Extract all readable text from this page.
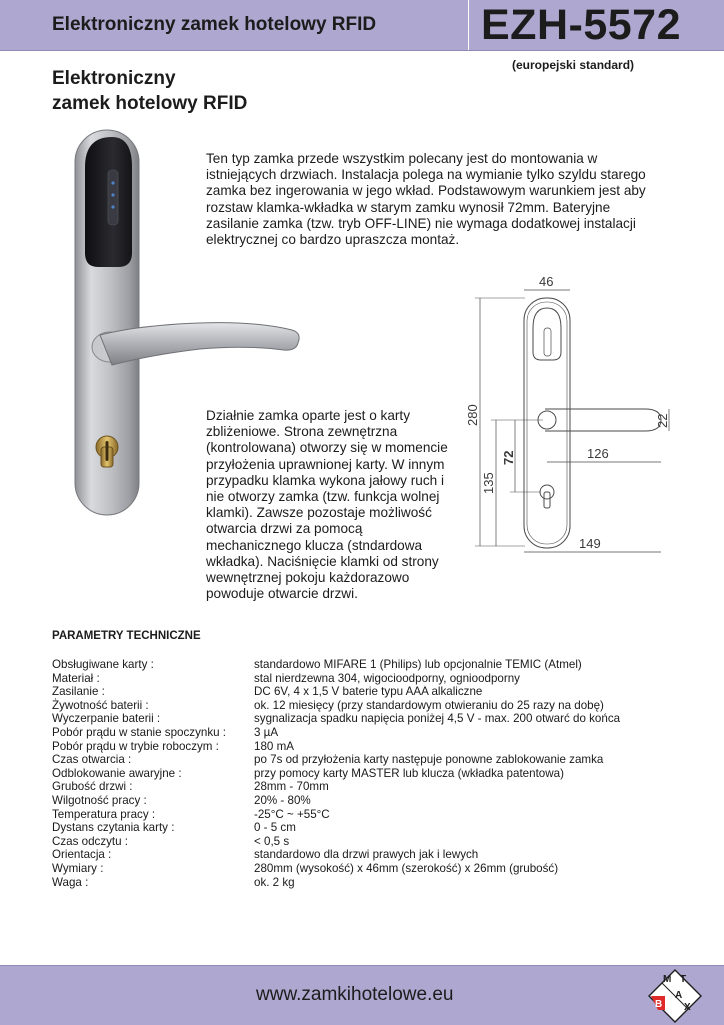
Elektroniczny zamek hotelowy RFID EZH-5572
(europejski standard)
Elektroniczny
zamek hotelowy RFID
Ten typ zamka przede wszystkim polecany jest do montowania w istniejących drzwiach. Instalacja polega na wymianie tylko szyldu starego zamka bez ingerowania w jego wkład. Podstawowym warunkiem jest aby rozstaw klamka-wkładka w starym zamku wynosił 72mm. Bateryjne zasilanie zamka (tzw. tryb OFF-LINE) nie wymaga dodatkowej instalacji elektrycznej co bardzo upraszcza montaż.
46
280
135
72	126
22
149
Działnie zamka oparte jest o karty zbliżeniowe. Strona zewnętrzna (kontrolowana) otworzy się w momencie przyłożenia uprawnionej karty. W innym przypadku klamka wykona jałowy ruch i nie otworzy zamka (tzw. funkcja wolnej klamki). Zawsze pozostaje możliwość otwarcia drzwi za pomocą mechanicznego klucza (stndardowa wkładka). Naciśnięcie klamki od strony wewnętrznej pokoju każdorazowo powoduje otwarcie drzwi.
PARAMETRY TECHNICZNE
Obsługiwane karty :	standardowo MIFARE 1 (Philips) lub opcjonalnie TEMIC (Atmel)
Materiał :	stal nierdzewna 304, wigocioodporny, ognioodporny
Zasilanie :	DC 6V, 4 x 1,5 V baterie typu AAA alkaliczne
Żywotność baterii :	ok. 12 miesięcy (przy standardowym otwieraniu do 25 razy na dobę)
Wyczerpanie baterii :	sygnalizacja spadku napięcia poniżej 4,5 V - max. 200 otwarć do końca
Pobór prądu w stanie spoczynku :	3 µA
Pobór prądu w trybie roboczym :	180 mA
Czas otwarcia :	po 7s od przyłożenia karty następuje ponowne zablokowanie zamka
Odblokowanie awaryjne :	przy pomocy karty MASTER lub klucza (wkładka patentowa)
Grubość drzwi :	28mm - 70mm
Wilgotność pracy :	20% - 80%
Temperatura pracy :	-25°C ~ +55°C
Dystans czytania karty :	0 - 5 cm
Czas odczytu :	< 0,5 s
Orientacja :	standardowo dla drzwi prawych jak i lewych
Wymiary :	280mm (wysokość) x 46mm (szerokość) x 26mm (grubość)
Waga :	ok. 2 kg
www.zamkihotelowe.eu
M T
A
B X
